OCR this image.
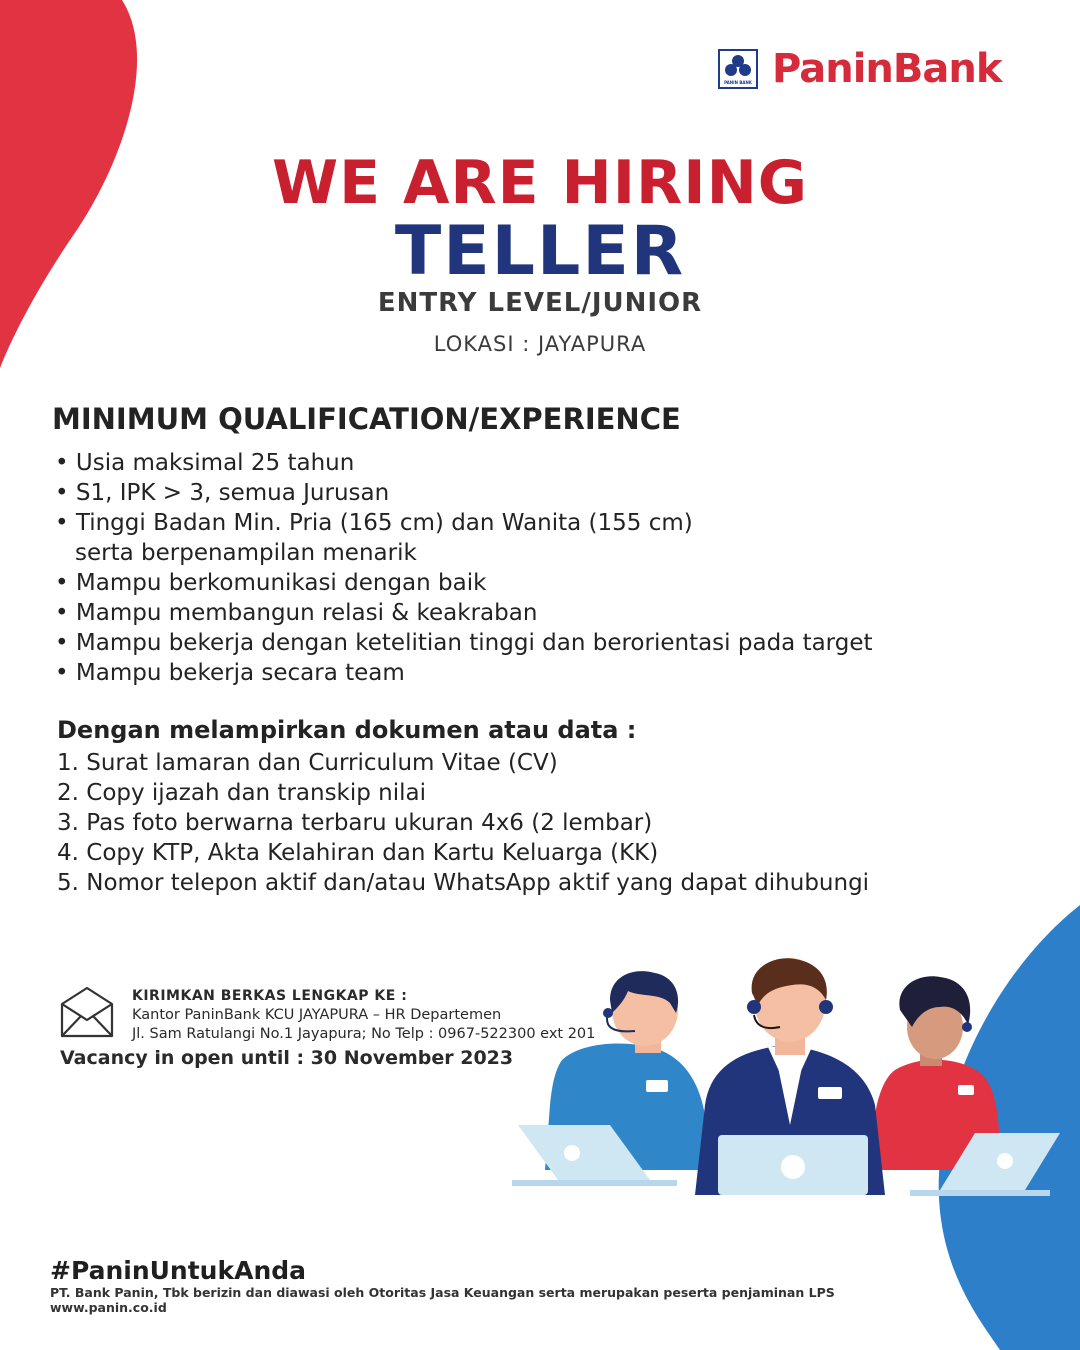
PANIN BANK PaninBank
WE ARE HIRING
TELLER
ENTRY LEVEL/JUNIOR
LOKASI : JAYAPURA
MINIMUM QUALIFICATION/EXPERIENCE
• Usia maksimal 25 tahun
• S1, IPK > 3, semua Jurusan
• Tinggi Badan Min. Pria (165 cm) dan Wanita (155 cm)
serta berpenampilan menarik
• Mampu berkomunikasi dengan baik
• Mampu membangun relasi & keakraban
• Mampu bekerja dengan ketelitian tinggi dan berorientasi pada target
• Mampu bekerja secara team
Dengan melampirkan dokumen atau data :
1. Surat lamaran dan Curriculum Vitae (CV)
2. Copy ijazah dan transkip nilai
3. Pas foto berwarna terbaru ukuran 4x6 (2 lembar)
4. Copy KTP, Akta Kelahiran dan Kartu Keluarga (KK)
5. Nomor telepon aktif dan/atau WhatsApp aktif yang dapat dihubungi
KIRIMKAN BERKAS LENGKAP KE :
Kantor PaninBank KCU JAYAPURA – HR Departemen
Jl. Sam Ratulangi No.1 Jayapura; No Telp : 0967-522300 ext 201
Vacancy in open until : 30 November 2023
#PaninUntukAnda
PT. Bank Panin, Tbk berizin dan diawasi oleh Otoritas Jasa Keuangan serta merupakan peserta penjaminan LPS
www.panin.co.id
